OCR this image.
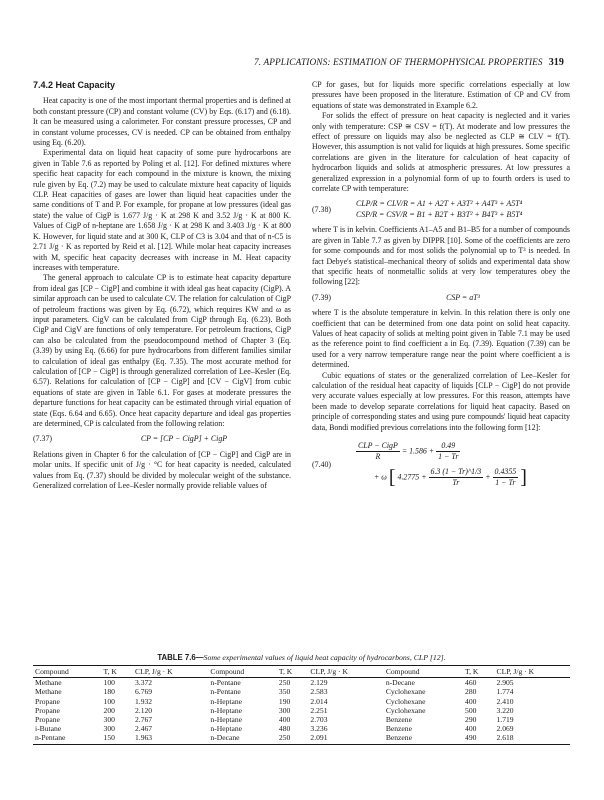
7. APPLICATIONS: ESTIMATION OF THERMOPHYSICAL PROPERTIES 319
7.4.2 Heat Capacity

Heat capacity is one of the most important thermal properties and is defined at both constant pressure (CP) and constant volume (CV) by Eqs. (6.17) and (6.18). It can be measured using a calorimeter. For constant pressure processes, CP and in constant volume processes, CV is needed. CP can be obtained from enthalpy using Eq. (6.20).

Experimental data on liquid heat capacity of some pure hydrocarbons are given in Table 7.6 as reported by Poling et al. [12]. For defined mixtures where specific heat capacity for each compound in the mixture is known, the mixing rule given by Eq. (7.2) may be used to calculate mixture heat capacity of liquids CLP. Heat capacities of gases are lower than liquid heat capacities under the same conditions of T and P. For example, for propane at low pressures (ideal gas state) the value of CigP is 1.677 J/g · K at 298 K and 3.52 J/g · K at 800 K. Values of CigP of n-heptane are 1.658 J/g · K at 298 K and 3.403 J/g · K at 800 K. However, for liquid state and at 300 K, CLP of C3 is 3.04 and that of n-C5 is 2.71 J/g · K as reported by Reid et al. [12]. While molar heat capacity increases with M, specific heat capacity decreases with increase in M. Heat capacity increases with temperature.

The general approach to calculate CP is to estimate heat capacity departure from ideal gas [CP − CigP] and combine it with ideal gas heat capacity (CigP). A similar approach can be used to calculate CV. The relation for calculation of CigP of petroleum fractions was given by Eq. (6.72), which requires KW and ω as input parameters. CigV can be calculated from CigP through Eq. (6.23). Both CigP and CigV are functions of only temperature. For petroleum fractions, CigP can also be calculated from the pseudocompound method of Chapter 3 (Eq. (3.39) by using Eq. (6.66) for pure hydrocarbons from different families similar to calculation of ideal gas enthalpy (Eq. 7.35). The most accurate method for calculation of [CP − CigP] is through generalized correlation of Lee–Kesler (Eq. 6.57). Relations for calculation of [CP − CigP] and [CV − CigV] from cubic equations of state are given in Table 6.1. For gases at moderate pressures the departure functions for heat capacity can be estimated through virial equation of state (Eqs. 6.64 and 6.65). Once heat capacity departure and ideal gas properties are determined, CP is calculated from the following relation:

(7.37)	CP = [CP − CigP] + CigP

Relations given in Chapter 6 for the calculation of [CP − CigP] and CigP are in molar units. If specific unit of J/g · °C for heat capacity is needed, calculated values from Eq. (7.37) should be divided by molecular weight of the substance. Generalized correlation of Lee–Kesler normally provide reliable values of

CP for gases, but for liquids more specific correlations especially at low pressures have been proposed in the literature. Estimation of CP and CV from equations of state was demonstrated in Example 6.2.

For solids the effect of pressure on heat capacity is neglected and it varies only with temperature: CSP ≅ CSV = f(T). At moderate and low pressures the effect of pressure on liquids may also be neglected as CLP ≅ CLV = f(T). However, this assumption is not valid for liquids at high pressures. Some specific correlations are given in the literature for calculation of heat capacity of hydrocarbon liquids and solids at atmospheric pressures. At low pressures a generalized expression in a polynomial form of up to fourth orders is used to correlate CP with temperature:

(7.38)
CLP/R = CLV/R = A1 + A2T + A3T² + A4T³ + A5T⁴
CSP/R = CSV/R = B1 + B2T + B3T² + B4T³ + B5T⁴

where T is in kelvin. Coefficients A1–A5 and B1–B5 for a number of compounds are given in Table 7.7 as given by DIPPR [10]. Some of the coefficients are zero for some compounds and for most solids the polynomial up to T³ is needed. In fact Debye's statistical–mechanical theory of solids and experimental data show that specific heats of nonmetallic solids at very low temperatures obey the following [22]:

(7.39)	CSP = aT³

where T is the absolute temperature in kelvin. In this relation there is only one coefficient that can be determined from one data point on solid heat capacity. Values of heat capacity of solids at melting point given in Table 7.1 may be used as the reference point to find coefficient a in Eq. (7.39). Equation (7.39) can be used for a very narrow temperature range near the point where coefficient a is determined.

Cubic equations of states or the generalized correlation of Lee–Kesler for calculation of the residual heat capacity of liquids [CLP − CigP] do not provide very accurate values especially at low pressures. For this reason, attempts have been made to develop separate correlations for liquid heat capacity. Based on principle of corresponding states and using pure compounds' liquid heat capacity data, Bondi modified previous correlations into the following form [12]:

(7.40)
$\frac{\text{CLP − CigP}}{R} = 1.586 + \frac{0.49}{1 - Tr}$
+ ω [ $4.2775 + \frac{6.3 (1 - Tr)\^{}1/3}{Tr} + \frac{0.4355}{1 - Tr}$ ]
TABLE 7.6—Some experimental values of liquid heat capacity of hydrocarbons, CLP [12].
Compound	T, K	CLP, J/g · K	Compound	T, K	CLP, J/g · K	Compound	T, K	CLP, J/g · K
Methane	100	3.372	n-Pentane	250	2.129	n-Decane	460	2.905
Methane	180	6.769	n-Pentane	350	2.583	Cyclohexane	280	1.774
Propane	100	1.932	n-Heptane	190	2.014	Cyclohexane	400	2.410
Propane	200	2.120	n-Heptane	300	2.251	Cyclohexane	500	3.220
Propane	300	2.767	n-Heptane	400	2.703	Benzene	290	1.719
i-Butane	300	2.467	n-Heptane	480	3.236	Benzene	400	2.069
n-Pentane	150	1.963	n-Decane	250	2.091	Benzene	490	2.618
